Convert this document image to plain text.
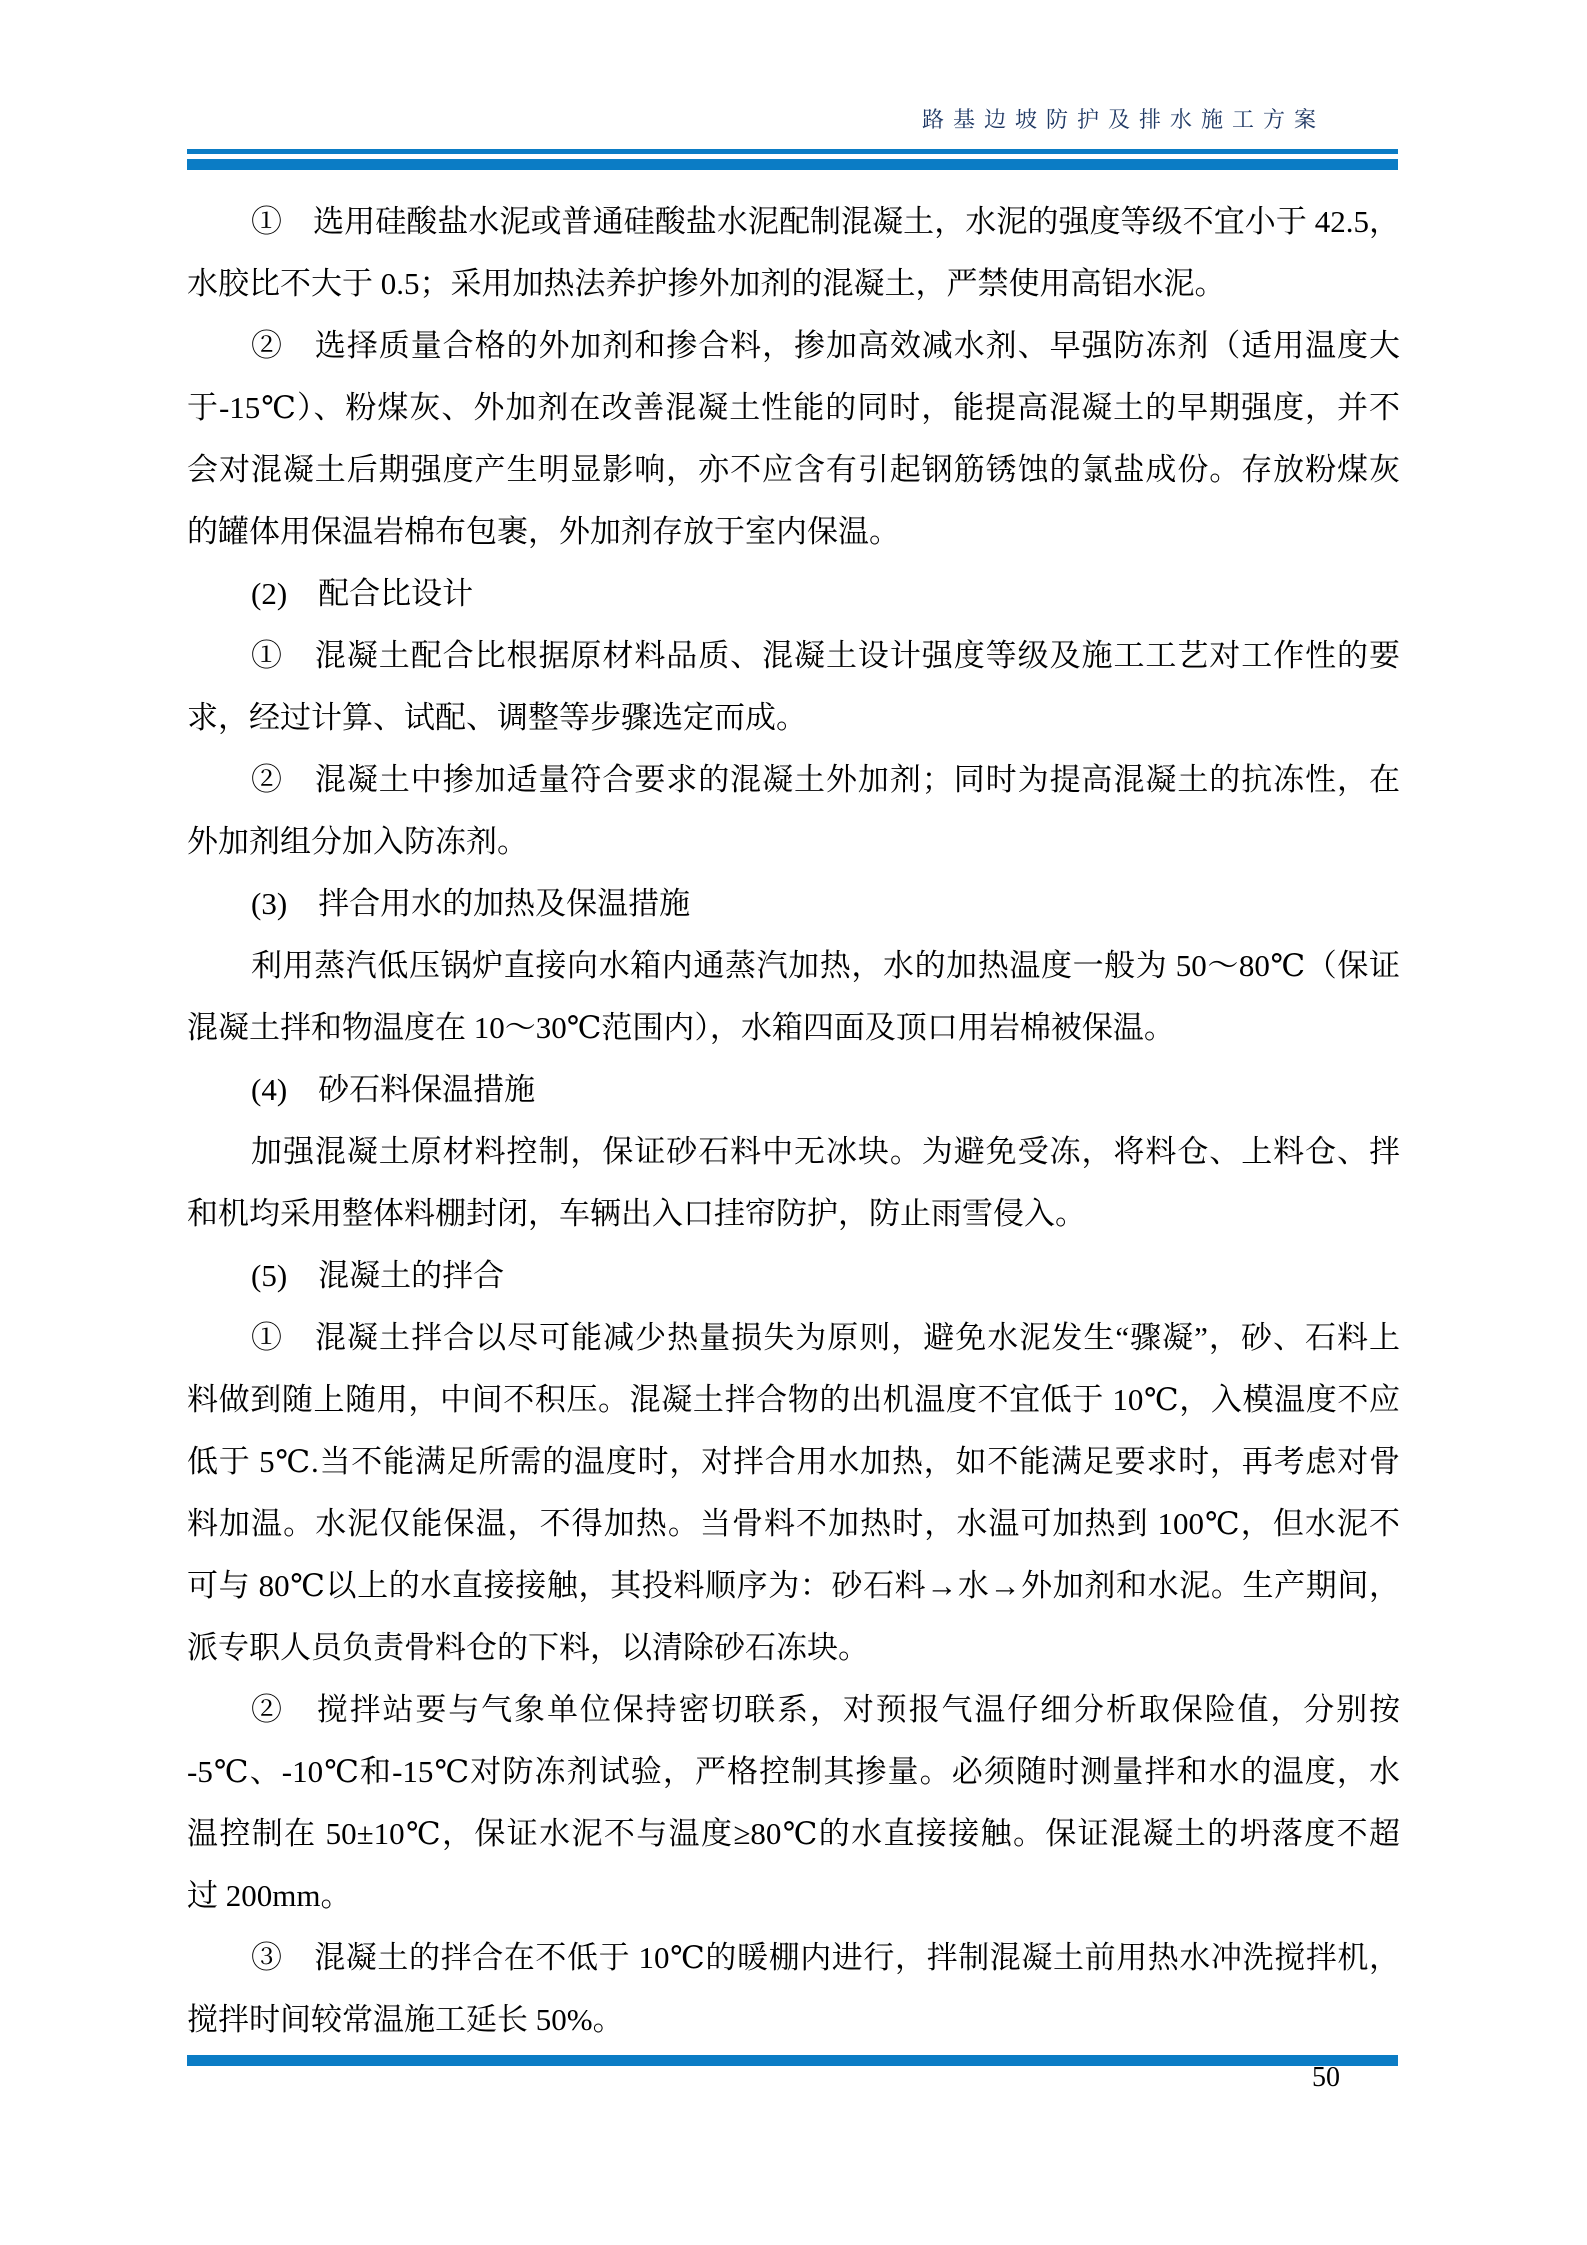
路基边坡防护及排水施工方案
①　选用硅酸盐水泥或普通硅酸盐水泥配制混凝土，水泥的强度等级不宜小于 42.5，
水胶比不大于 0.5；采用加热法养护掺外加剂的混凝土，严禁使用高铝水泥。
②　选择质量合格的外加剂和掺合料，掺加高效减水剂、早强防冻剂（适用温度大
于-15℃）、粉煤灰、外加剂在改善混凝土性能的同时，能提高混凝土的早期强度，并不
会对混凝土后期强度产生明显影响，亦不应含有引起钢筋锈蚀的氯盐成份。存放粉煤灰
的罐体用保温岩棉布包裹，外加剂存放于室内保温。
(2)　配合比设计
①　混凝土配合比根据原材料品质、混凝土设计强度等级及施工工艺对工作性的要
求，经过计算、试配、调整等步骤选定而成。
②　混凝土中掺加适量符合要求的混凝土外加剂；同时为提高混凝土的抗冻性，在
外加剂组分加入防冻剂。
(3)　拌合用水的加热及保温措施
利用蒸汽低压锅炉直接向水箱内通蒸汽加热，水的加热温度一般为 50～80℃（保证
混凝土拌和物温度在 10～30℃范围内），水箱四面及顶口用岩棉被保温。
(4)　砂石料保温措施
加强混凝土原材料控制，保证砂石料中无冰块。为避免受冻，将料仓、上料仓、拌
和机均采用整体料棚封闭，车辆出入口挂帘防护，防止雨雪侵入。
(5)　混凝土的拌合
①　混凝土拌合以尽可能减少热量损失为原则，避免水泥发生“骤凝”，砂、石料上
料做到随上随用，中间不积压。混凝土拌合物的出机温度不宜低于 10℃，入模温度不应
低于 5℃.当不能满足所需的温度时，对拌合用水加热，如不能满足要求时，再考虑对骨
料加温。水泥仅能保温，不得加热。当骨料不加热时，水温可加热到 100℃，但水泥不
可与 80℃以上的水直接接触，其投料顺序为：砂石料→水→外加剂和水泥。生产期间，
派专职人员负责骨料仓的下料，以清除砂石冻块。
②　搅拌站要与气象单位保持密切联系，对预报气温仔细分析取保险值，分别按
-5℃、-10℃和-15℃对防冻剂试验，严格控制其掺量。必须随时测量拌和水的温度，水
温控制在 50±10℃，保证水泥不与温度≥80℃的水直接接触。保证混凝土的坍落度不超
过 200mm。
③　混凝土的拌合在不低于 10℃的暖棚内进行，拌制混凝土前用热水冲洗搅拌机，
搅拌时间较常温施工延长 50%。
50
